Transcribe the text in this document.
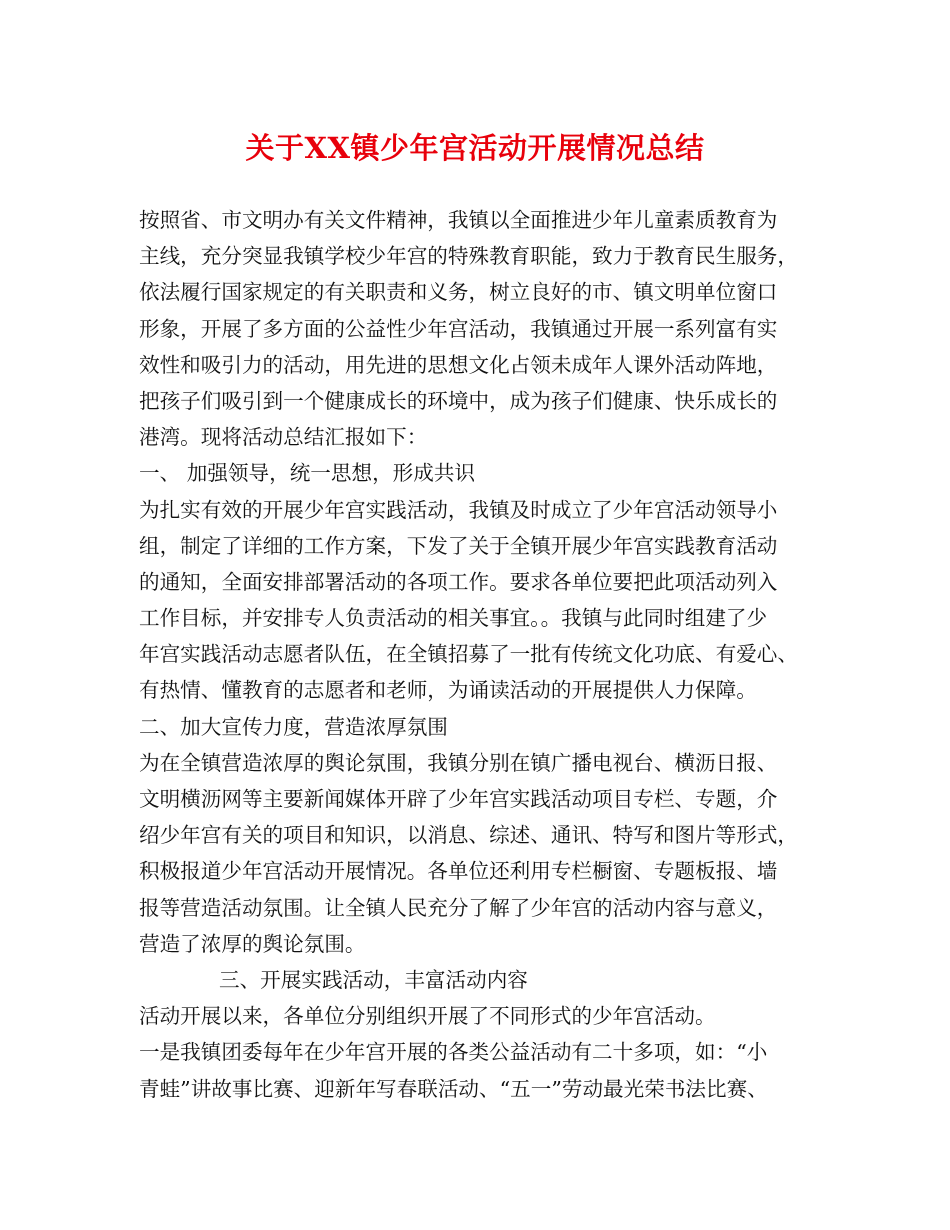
关于XX镇少年宫活动开展情况总结
按照省、市文明办有关文件精神，我镇以全面推进少年儿童素质教育为
主线，充分突显我镇学校少年宫的特殊教育职能，致力于教育民生服务，
依法履行国家规定的有关职责和义务，树立良好的市、镇文明单位窗口
形象，开展了多方面的公益性少年宫活动，我镇通过开展一系列富有实
效性和吸引力的活动，用先进的思想文化占领未成年人课外活动阵地，
把孩子们吸引到一个健康成长的环境中，成为孩子们健康、快乐成长的
港湾。现将活动总结汇报如下：
一、 加强领导，统一思想，形成共识
为扎实有效的开展少年宫实践活动，我镇及时成立了少年宫活动领导小
组，制定了详细的工作方案，下发了关于全镇开展少年宫实践教育活动
的通知，全面安排部署活动的各项工作。要求各单位要把此项活动列入
工作目标，并安排专人负责活动的相关事宜。。我镇与此同时组建了少
年宫实践活动志愿者队伍，在全镇招募了一批有传统文化功底、有爱心、
有热情、懂教育的志愿者和老师，为诵读活动的开展提供人力保障。
二、加大宣传力度，营造浓厚氛围
为在全镇营造浓厚的舆论氛围，我镇分别在镇广播电视台、横沥日报、
文明横沥网等主要新闻媒体开辟了少年宫实践活动项目专栏、专题，介
绍少年宫有关的项目和知识，以消息、综述、通讯、特写和图片等形式，
积极报道少年宫活动开展情况。各单位还利用专栏橱窗、专题板报、墙
报等营造活动氛围。让全镇人民充分了解了少年宫的活动内容与意义，
营造了浓厚的舆论氛围。
三、开展实践活动，丰富活动内容
活动开展以来，各单位分别组织开展了不同形式的少年宫活动。
一是我镇团委每年在少年宫开展的各类公益活动有二十多项，如：“小
青蛙”讲故事比赛、迎新年写春联活动、“五一”劳动最光荣书法比赛、
